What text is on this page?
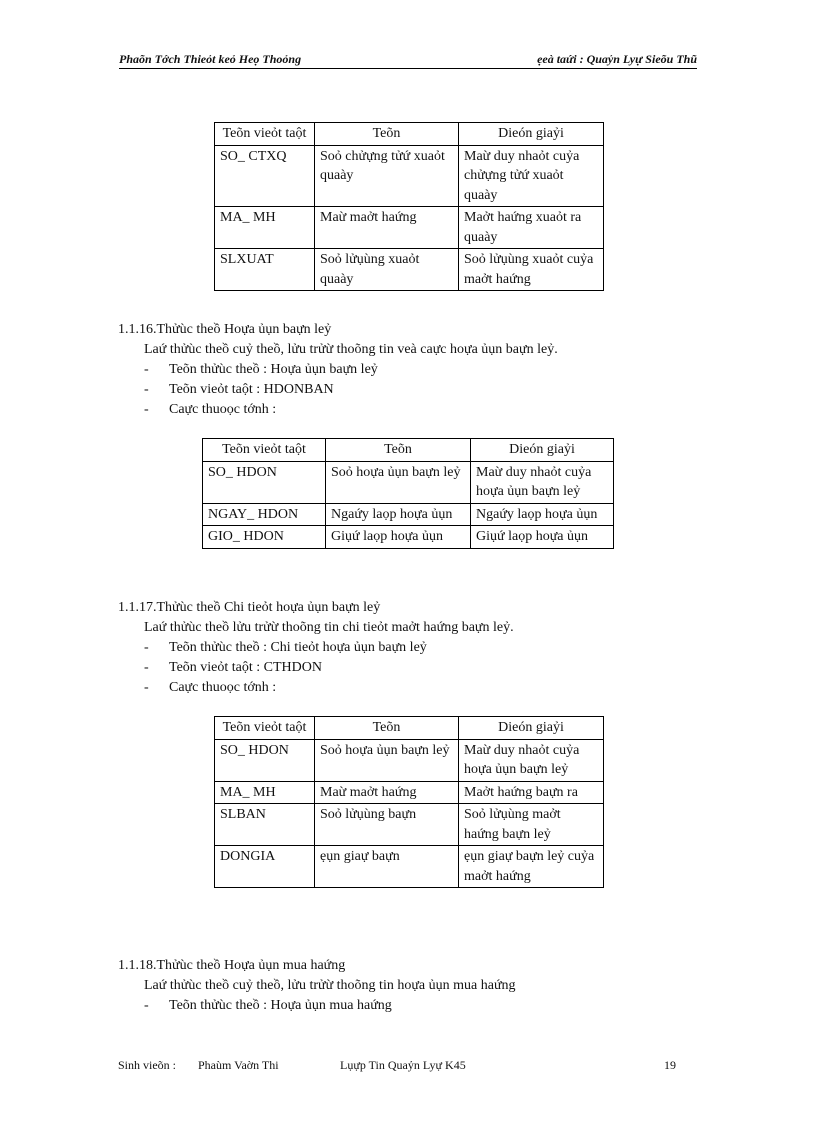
Phaõn Tớch Thieỏt keỏ Heọ Thoỏng	ẹeà taứi : Quaỷn Lyự Sieõu Thũ
Teõn vieỏt taột	Teõn	Dieón giaỷi
SO_ CTXQ	Soỏ chửựng tửứ xuaỏt quaày	Maừ duy nhaỏt cuỷa chửựng tửứ xuaỏt quaày
MA_ MH	Maừ maởt haứng	Maởt haứng xuaỏt ra quaày
SLXUAT	Soỏ lửụùng xuaỏt quaày	Soỏ lửụùng xuaỏt cuỷa maởt haứng
1.1.16.Thửùc theồ Hoựa ủụn baựn leỷ
Laứ thửùc theồ cuỷ theồ, lửu trửừ thoõng tin veà caực hoựa ủụn baựn leỷ.
- Teõn thửùc theồ : Hoựa ủụn baựn leỷ
- Teõn vieỏt taột : HDONBAN
- Caực thuoọc tớnh :
Teõn vieỏt taột	Teõn	Dieón giaỷi
SO_ HDON	Soỏ hoựa ủụn baựn leỷ	Maừ duy nhaỏt cuỷa hoựa ủụn baựn leỷ
NGAY_ HDON	Ngaứy laọp hoựa ủụn	Ngaứy laọp hoựa ủụn
GIO_ HDON	Giụứ laọp hoựa ủụn	Giụứ laọp hoựa ủụn
1.1.17.Thửùc theồ Chi tieỏt hoựa ủụn baựn leỷ
Laứ thửùc theồ lửu trửừ thoõng tin chi tieỏt maởt haứng baựn leỷ.
- Teõn thửùc theồ : Chi tieỏt hoựa ủụn baựn leỷ
- Teõn vieỏt taột : CTHDON
- Caực thuoọc tớnh :
Teõn vieỏt taột	Teõn	Dieón giaỷi
SO_ HDON	Soỏ hoựa ủụn baựn leỷ	Maừ duy nhaỏt cuỷa hoựa ủụn baựn leỷ
MA_ MH	Maừ maởt haứng	Maởt haứng baựn ra
SLBAN	Soỏ lửụùng baựn	Soỏ lửụùng maởt haứng baựn leỷ
DONGIA	ẹụn giaự baựn	ẹụn giaự baựn leỷ cuỷa maởt haứng
1.1.18.Thửùc theồ Hoựa ủụn mua haứng
Laứ thửùc theồ cuỷ theồ, lửu trửừ thoõng tin hoựa ủụn mua haứng
- Teõn thửùc theồ : Hoựa ủụn mua haứng
Sinh vieõn : Phaùm Vaờn Thi	Lụựp Tin Quaỷn Lyự K45	19
